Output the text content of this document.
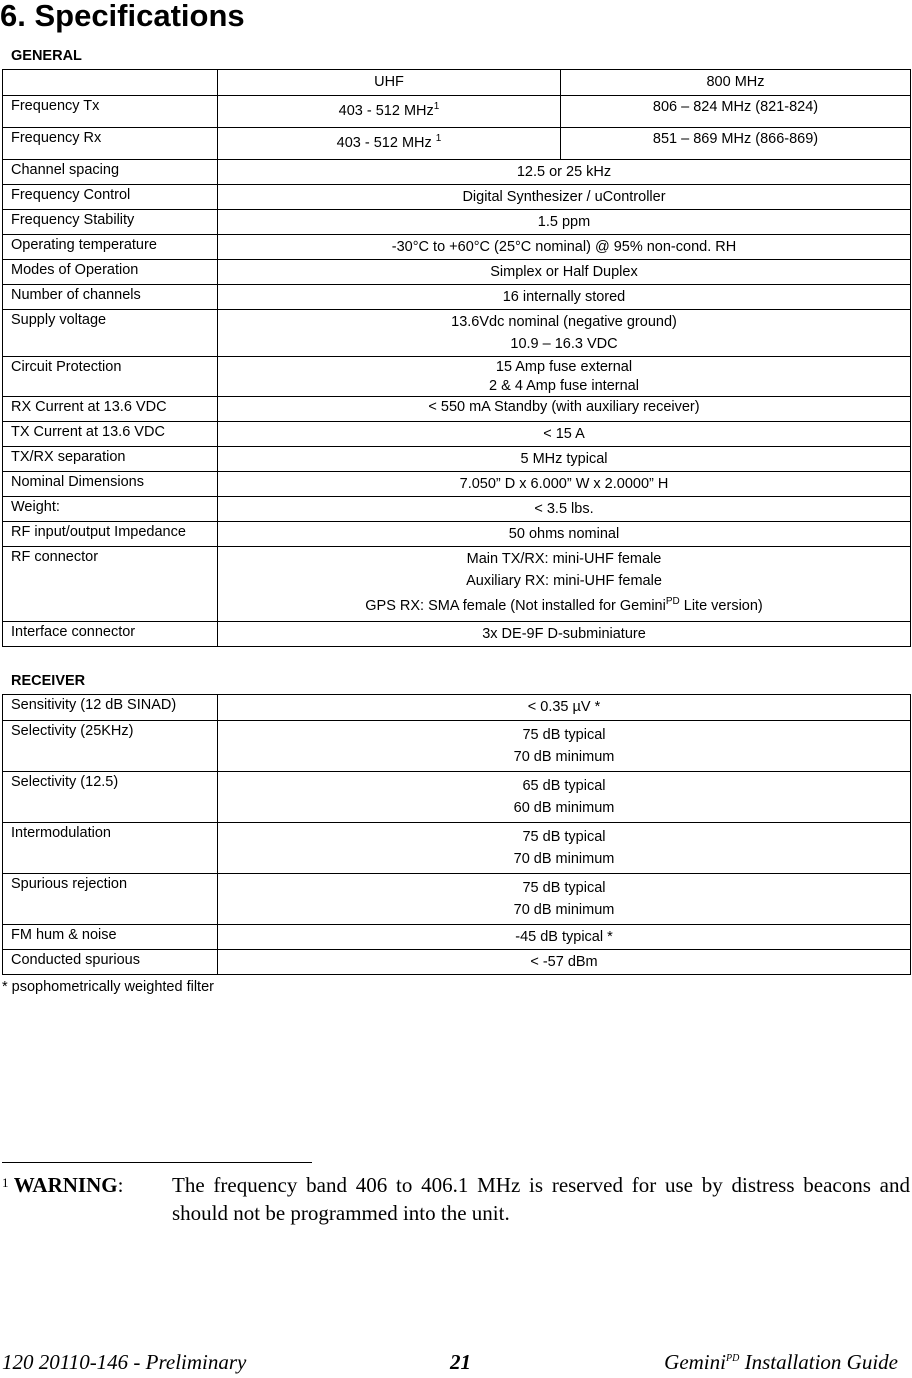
6. Specifications
GENERAL
	UHF	800 MHz
Frequency Tx	403 - 512 MHz$^1$	806 – 824 MHz (821-824)
Frequency Rx	403 - 512 MHz $^1$	851 – 869 MHz (866-869)
Channel spacing	12.5 or 25 kHz	
Frequency Control	Digital Synthesizer / uController	
Frequency Stability	1.5 ppm	
Operating temperature	-30°C to +60°C (25°C nominal) @ 95% non-cond. RH	
Modes of Operation	Simplex or Half Duplex	
Number of channels	16 internally stored	
Supply voltage	13.6Vdc nominal (negative ground)
10.9 – 16.3 VDC	

Circuit Protection	15 Amp fuse external
2 & 4 Amp fuse internal	

RX Current at 13.6 VDC	< 550 mA Standby (with auxiliary receiver)	
TX Current at 13.6 VDC	< 15 A	
TX/RX separation	5 MHz typical	
Nominal Dimensions	7.050” D x 6.000” W x 2.0000” H	
Weight:	< 3.5 lbs.	
RF input/output Impedance	50 ohms nominal	
RF connector	Main TX/RX: mini-UHF female
Auxiliary RX: mini-UHF female
GPS RX: SMA female (Not installed for Gemini$^{PD}$ Lite version)	

Interface connector	3x DE-9F D-subminiature	
RECEIVER
Sensitivity (12 dB SINAD)	< 0.35 µV *
Selectivity (25KHz)	75 dB typical
70 dB minimum

Selectivity (12.5)	65 dB typical
60 dB minimum

Intermodulation	75 dB typical
70 dB minimum

Spurious rejection	75 dB typical
70 dB minimum

FM hum & noise	-45 dB typical *
Conducted spurious	< -57 dBm
* psophometrically weighted filter
$^1$ WARNING: The frequency band 406 to 406.1 MHz is reserved for use by distress beacons and should not be programmed into the unit.
120 20110-146 - Preliminary	21	Gemini$^{PD}$ Installation Guide
